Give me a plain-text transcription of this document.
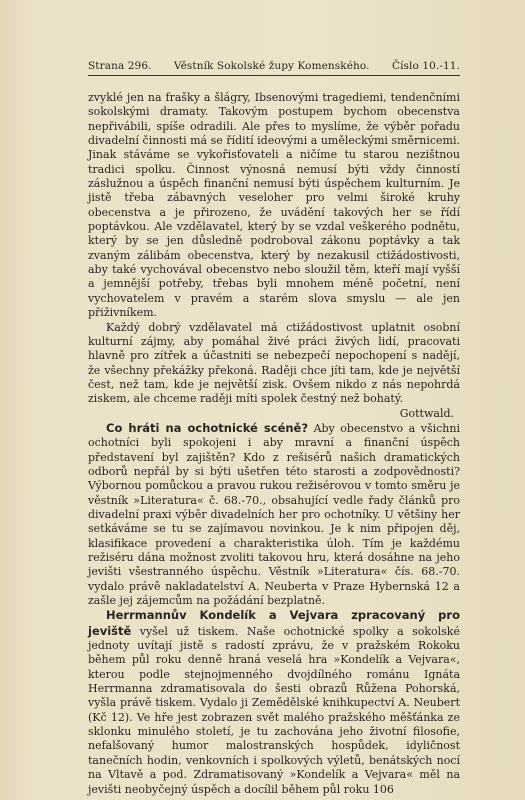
Strana 296. Věstník Sokolské župy Komenského. Číslo 10.-11.

zvyklé jen na frašky a šlágry, Ibsenovými tragediemi, tendenčními sokolskými dramaty. Takovým postupem bychom obecenstva nepřivábili, spíše odradili. Ale přes to myslíme, že výběr pořadu divadelní činnosti má se řídití ideovými a uměleckými směrnicemi. Jinak stáváme se vykořisťovateli a ničíme tu starou nezištnou tradici spolku. Činnost výnosná nemusí býti vždy činností záslužnou a úspěch finanční nemusí býti úspěchem kulturním. Je jistě třeba zábavných veseloher pro velmi široké kruhy obecenstva a je přirozeno, že uvádění takových her se řídí poptávkou. Ale vzdělavatel, který by se vzdal veškerého podnětu, který by se jen důsledně podroboval zákonu poptávky a tak zvaným zálibám obecenstva, který by nezakusil ctižádostivosti, aby také vychovával obecenstvo nebo sloužil těm, kteří mají vyšší a jemnější potřeby, třebas byli mnohem méně početní, není vychovatelem v pravém a starém slova smyslu — ale jen přiživníkem.

Každý dobrý vzdělavatel má ctižádostivost uplatnit osobní kulturní zájmy, aby pomáhal živé práci živých lidí, pracovati hlavně pro zítřek a účastniti se nebezpečí nepochopení s nadějí, že všechny překážky překoná. Raději chce jíti tam, kde je největší čest, než tam, kde je největší zisk. Ovšem nikdo z nás nepohrdá ziskem, ale chceme raději míti spolek čestný než bohatý.

Gottwald.

Co hráti na ochotnické scéně? Aby obecenstvo a všichni ochotníci byli spokojeni i aby mravní a finanční úspěch představení byl zajištěn? Kdo z rešisérů našich dramatických odborů nepřál by si býti ušetřen této starosti a zodpovědnosti? Výbornou pomůckou a pravou rukou režisérovou v tomto směru je věstník »Literatura« č. 68.-70., obsahující vedle řady článků pro divadelní praxi výběr divadelních her pro ochotníky. U většiny her setkáváme se tu se zajímavou novinkou. Je k nim připojen děj, klasifikace provedení a charakteristika úloh. Tím je každému režiséru dána možnost zvoliti takovou hru, která dosáhne na jeho jevišti všestranného úspěchu. Věstník »Literatura« čís. 68.-70. vydalo právě nakladatelství A. Neuberta v Praze Hybernská 12 a zašle jej zájemcům na požádání bezplatně.

Herrmannův Kondelík a Vejvara zpracovaný pro jeviště vyšel už tiskem. Naše ochotnické spolky a sokolské jednoty uvítají jistě s radostí zprávu, že v pražském Rokoku během půl roku denně hraná veselá hra »Kondelík a Vejvara«, kterou podle stejnojmenného dvojdílného románu Ignáta Herrmanna zdramatisovala do šesti obrazů Růžena Pohorská, vyšla právě tiskem. Vydalo ji Zemědělské knihkupectví A. Neubert (Kč 12). Ve hře jest zobrazen svět malého pražského měšťánka ze sklonku minulého století, je tu zachována jeho životní filosofie, nefalšovaný humor malostranských hospůdek, idyličnost tanečních hodin, venkovních i spolkových výletů, benátských nocí na Vltavě a pod. Zdramatisovaný »Kondelík a Vejvara« měl na jevišti neobyčejný úspěch a docílil během půl roku 106
